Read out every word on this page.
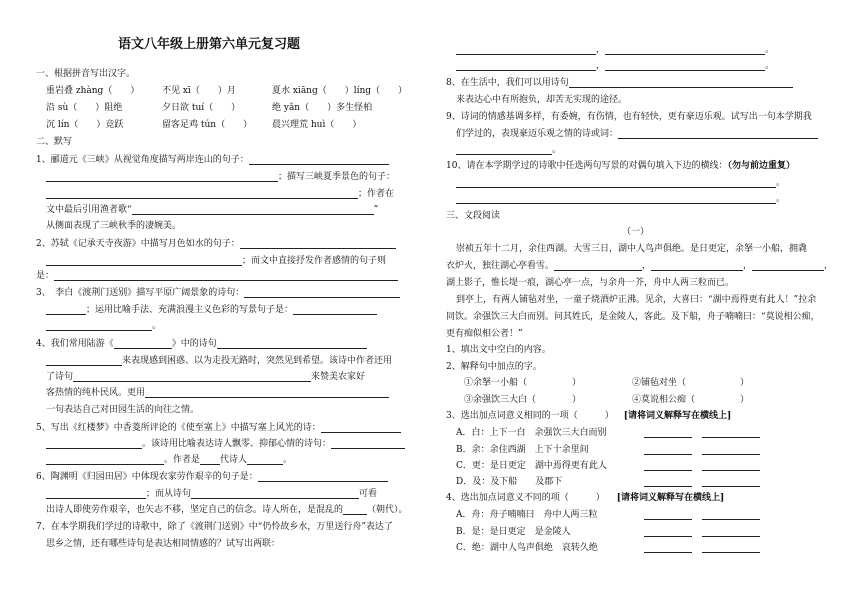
语文八年级上册第六单元复习题
一、根据拼音写出汉字。
重岩叠 zhàng（　　）	不见 xī（　　）月	夏水 xiāng（　　）líng（　　）
沿 sù（　　）阻绝	夕日欲 tuí（　　）	绝 yǎn（　　）多生怪柏
沉 lín（　　）竞跃	留客足鸡 tún（　　） 晨兴理荒 huì（　　）
二、默写
1、郦道元《三峡》从视觉角度描写两岸连山的句子：
；描写三峡夏季景色的句子：
；作者在
文中最后引用渔者歌“	”
从侧面表现了三峡秋季的凄婉美。
2、苏轼《记承天寺夜游》中描写月色如水的句子：
；而文中直接抒发作者感情的句子则
是：
3、　李白《渡荆门送别》描写平原广阔景象的诗句：
；运用比喻手法、充满浪漫主义色彩的写景句子是：
。
4、我们常用陆游《	》中的诗句
来表现感到困惑、以为走投无路时，突然见到希望。该诗中作者还用
了诗句	来赞美农家好
客热情的纯朴民风。更用
一句表达自己对田园生活的向往之情。
5、写出《红楼梦》中香菱所评论的《使至塞上》中描写塞上风光的诗：
。该诗用比喻表达诗人飘零、抑郁心情的诗句：
。作者是 代诗人	。
6、陶渊明《归园田居》中体现农家劳作艰辛的句子是：
；而从诗句	可看
出诗人即使劳作艰辛，也矢志不移，坚定自己的信念。诗人所在，是混乱的	（朝代）。
7、在本学期我们学过的诗歌中，除了《渡荆门送别》中“仍怜故乡水，万里送行舟”表达了
思乡之情，还有哪些诗句是表达相同情感的？试写出两联：
，	。
，	。
8、在生活中，我们可以用诗句
来表达心中有所抱负，却苦无实现的途径。
9、诗词的情感基调多样，有委婉，有伤情，也有轻快，更有豪迈乐观。试写出一句本学期我
们学过的，表现豪迈乐观之情的诗或词：
。
10、请在本学期学过的诗歌中任选两句写景的对偶句填入下边的横线：（勿与前边重复）
。
。
三、文段阅读
（一）
崇祯五年十二月，余住西湖。大雪三日，湖中人鸟声俱绝。是日更定，余拏一小船，拥毳
衣炉火，独往湖心亭看雪。	，	，	，
湖上影子，惟长堤一痕，湖心亭一点，与余舟一芥，舟中人两三粒而已。
到亭上，有两人铺毡对坐，一童子烧酒炉正沸。见余，大喜曰：“湖中焉得更有此人！”拉余
同饮。余强饮三大白而别。问其姓氏，是金陵人，客此。及下船，舟子喃喃曰：“莫说相公痴，
更有痴似相公者！”
1、填出文中空白的内容。
2、解释句中加点的字。
①余拏一小船（　　　　　）	②铺毡对坐（　　　　　　）
③余强饮三大白（　　　　）	④莫说相公痴（　　　　　）
3、选出加点词意义相同的一项（　　　） [请将词义解释写在横线上]
A．白：上下一白　余强饮三大白而别
B．余：余住西湖　上下十余里间
C．更：是日更定　湖中焉得更有此人
D．及：及下船　　及郡下
4、选出加点词意义不同的项（　　　） [请将词义解释写在横线上]
A．舟：舟子喃喃曰　舟中人两三粒
B．是：是日更定　是金陵人
C．绝：湖中人鸟声俱绝　哀转久绝
